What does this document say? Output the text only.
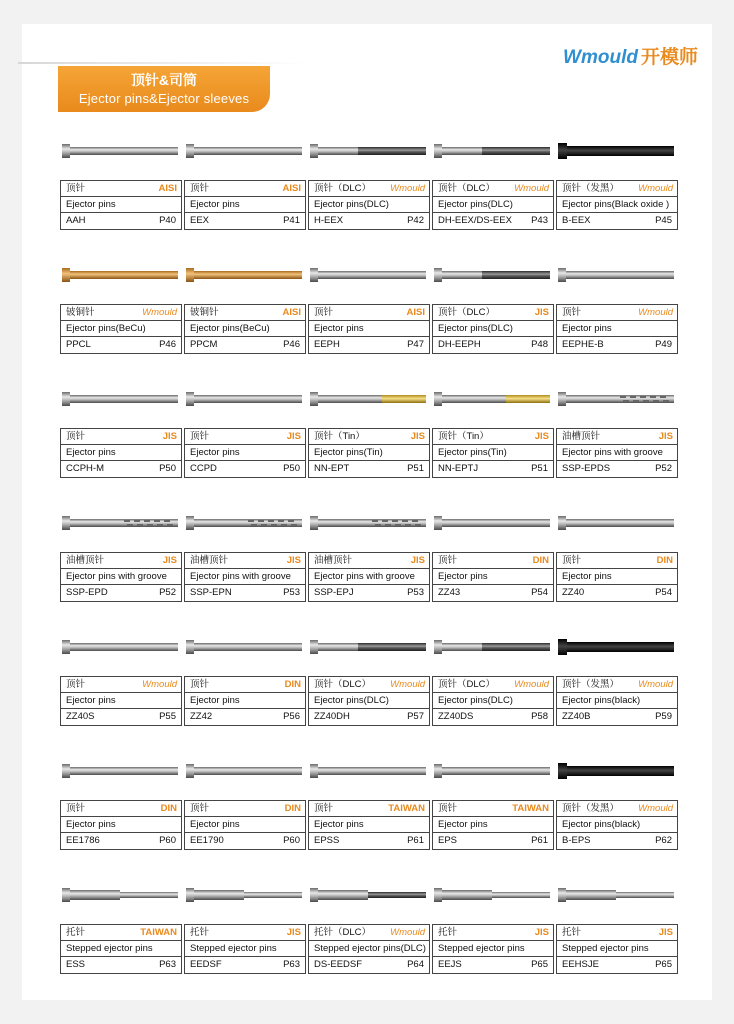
Wmould 开模师
顶针&司筒
Ejector pins&Ejector sleeves
顶针	AISI
Ejector pins
AAH	P40
顶针	AISI
Ejector pins
EEX	P41
顶针（DLC） Wmould
Ejector pins(DLC)
H-EEX	P42
顶针（DLC） Wmould
Ejector pins(DLC)
DH-EEX/DS-EEX P43
顶针（发黑） Wmould
Ejector pins(Black oxide )
B-EEX	P45
铍铜针	Wmould
Ejector pins(BeCu)
PPCL	P46
铍铜针	AISI
Ejector pins(BeCu)
PPCM	P46
顶针	AISI
Ejector pins
EEPH	P47
顶针（DLC）	JIS
Ejector pins(DLC)
DH-EEPH	P48
顶针	Wmould
Ejector pins
EEPHE-B	P49
顶针	JIS
Ejector pins
CCPH-M	P50
顶针	JIS
Ejector pins
CCPD	P50
顶针（Tin）	JIS
Ejector pins(Tin)
NN-EPT	P51
顶针（Tin）	JIS
Ejector pins(Tin)
NN-EPTJ	P51
油槽顶针	JIS
Ejector pins with groove
SSP-EPDS	P52
油槽顶针	JIS
Ejector pins with groove
SSP-EPD	P52
油槽顶针	JIS
Ejector pins with groove
SSP-EPN	P53
油槽顶针	JIS
Ejector pins with groove
SSP-EPJ	P53
顶针	DIN
Ejector pins
ZZ43	P54
顶针	DIN
Ejector pins
ZZ40	P54
顶针	Wmould
Ejector pins
ZZ40S	P55
顶针	DIN
Ejector pins
ZZ42	P56
顶针（DLC） Wmould
Ejector pins(DLC)
ZZ40DH	P57
顶针（DLC） Wmould
Ejector pins(DLC)
ZZ40DS	P58
顶针（发黑） Wmould
Ejector pins(black)
ZZ40B	P59
顶针	DIN
Ejector pins
EE1786	P60
顶针	DIN
Ejector pins
EE1790	P60
顶针	TAIWAN
Ejector pins
EPSS	P61
顶针	TAIWAN
Ejector pins
EPS	P61
顶针（发黑） Wmould
Ejector pins(black)
B-EPS	P62
托针	TAIWAN
Stepped ejector pins
ESS	P63
托针	JIS
Stepped ejector pins
EEDSF	P63
托针（DLC） Wmould
Stepped ejector pins(DLC)
DS-EEDSF	P64
托针	JIS
Stepped ejector pins
EEJS	P65
托针	JIS
Stepped ejector pins
EEHSJE	P65
